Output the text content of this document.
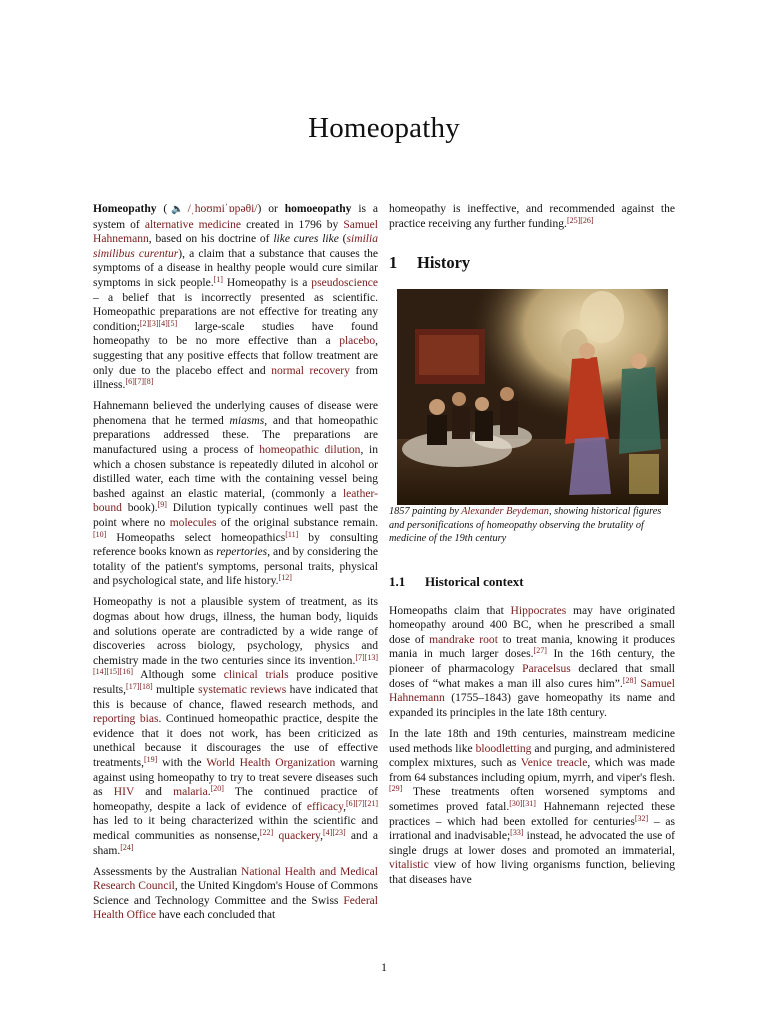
Homeopathy

Homeopathy (🔈/ˌhoʊmiˈɒpəθi/) or homoeopathy is a system of alternative medicine created in 1796 by Samuel Hahnemann, based on his doctrine of like cures like (similia similibus curentur), a claim that a substance that causes the symptoms of a disease in healthy people would cure similar symptoms in sick people.[1] Homeopathy is a pseudoscience – a belief that is incorrectly presented as scientific. Homeopathic preparations are not effective for treating any condition;[2][3][4][5] large-scale studies have found homeopathy to be no more effective than a placebo, suggesting that any positive effects that follow treatment are only due to the placebo effect and normal recovery from illness.[6][7][8]

Hahnemann believed the underlying causes of disease were phenomena that he termed miasms, and that homeopathic preparations addressed these. The preparations are manufactured using a process of homeopathic dilution, in which a chosen substance is repeatedly diluted in alcohol or distilled water, each time with the containing vessel being bashed against an elastic material, (commonly a leather-bound book).[9] Dilution typically continues well past the point where no molecules of the original substance remain.[10] Homeopaths select homeopathics[11] by consulting reference books known as repertories, and by considering the totality of the patient's symptoms, personal traits, physical and psychological state, and life history.[12]

Homeopathy is not a plausible system of treatment, as its dogmas about how drugs, illness, the human body, liquids and solutions operate are contradicted by a wide range of discoveries across biology, psychology, physics and chemistry made in the two centuries since its invention.[7][13][14][15][16] Although some clinical trials produce positive results,[17][18] multiple systematic reviews have indicated that this is because of chance, flawed research methods, and reporting bias. Continued homeopathic practice, despite the evidence that it does not work, has been criticized as unethical because it discourages the use of effective treatments,[19] with the World Health Organization warning against using homeopathy to try to treat severe diseases such as HIV and malaria.[20] The continued practice of homeopathy, despite a lack of evidence of efficacy,[6][7][21] has led to it being characterized within the scientific and medical communities as nonsense,[22] quackery,[4][23] and a sham.[24]

Assessments by the Australian National Health and Medical Research Council, the United Kingdom's House of Commons Science and Technology Committee and the Swiss Federal Health Office have each concluded that

homeopathy is ineffective, and recommended against the practice receiving any further funding.[25][26]

1 History

1857 painting by Alexander Beydeman, showing historical figures and personifications of homeopathy observing the brutality of medicine of the 19th century

1.1 Historical context

Homeopaths claim that Hippocrates may have originated homeopathy around 400 BC, when he prescribed a small dose of mandrake root to treat mania, knowing it produces mania in much larger doses.[27] In the 16th century, the pioneer of pharmacology Paracelsus declared that small doses of “what makes a man ill also cures him”.[28] Samuel Hahnemann (1755–1843) gave homeopathy its name and expanded its principles in the late 18th century.

In the late 18th and 19th centuries, mainstream medicine used methods like bloodletting and purging, and administered complex mixtures, such as Venice treacle, which was made from 64 substances including opium, myrrh, and viper's flesh.[29] These treatments often worsened symptoms and sometimes proved fatal.[30][31] Hahnemann rejected these practices – which had been extolled for centuries[32] – as irrational and inadvisable;[33] instead, he advocated the use of single drugs at lower doses and promoted an immaterial, vitalistic view of how living organisms function, believing that diseases have

1
